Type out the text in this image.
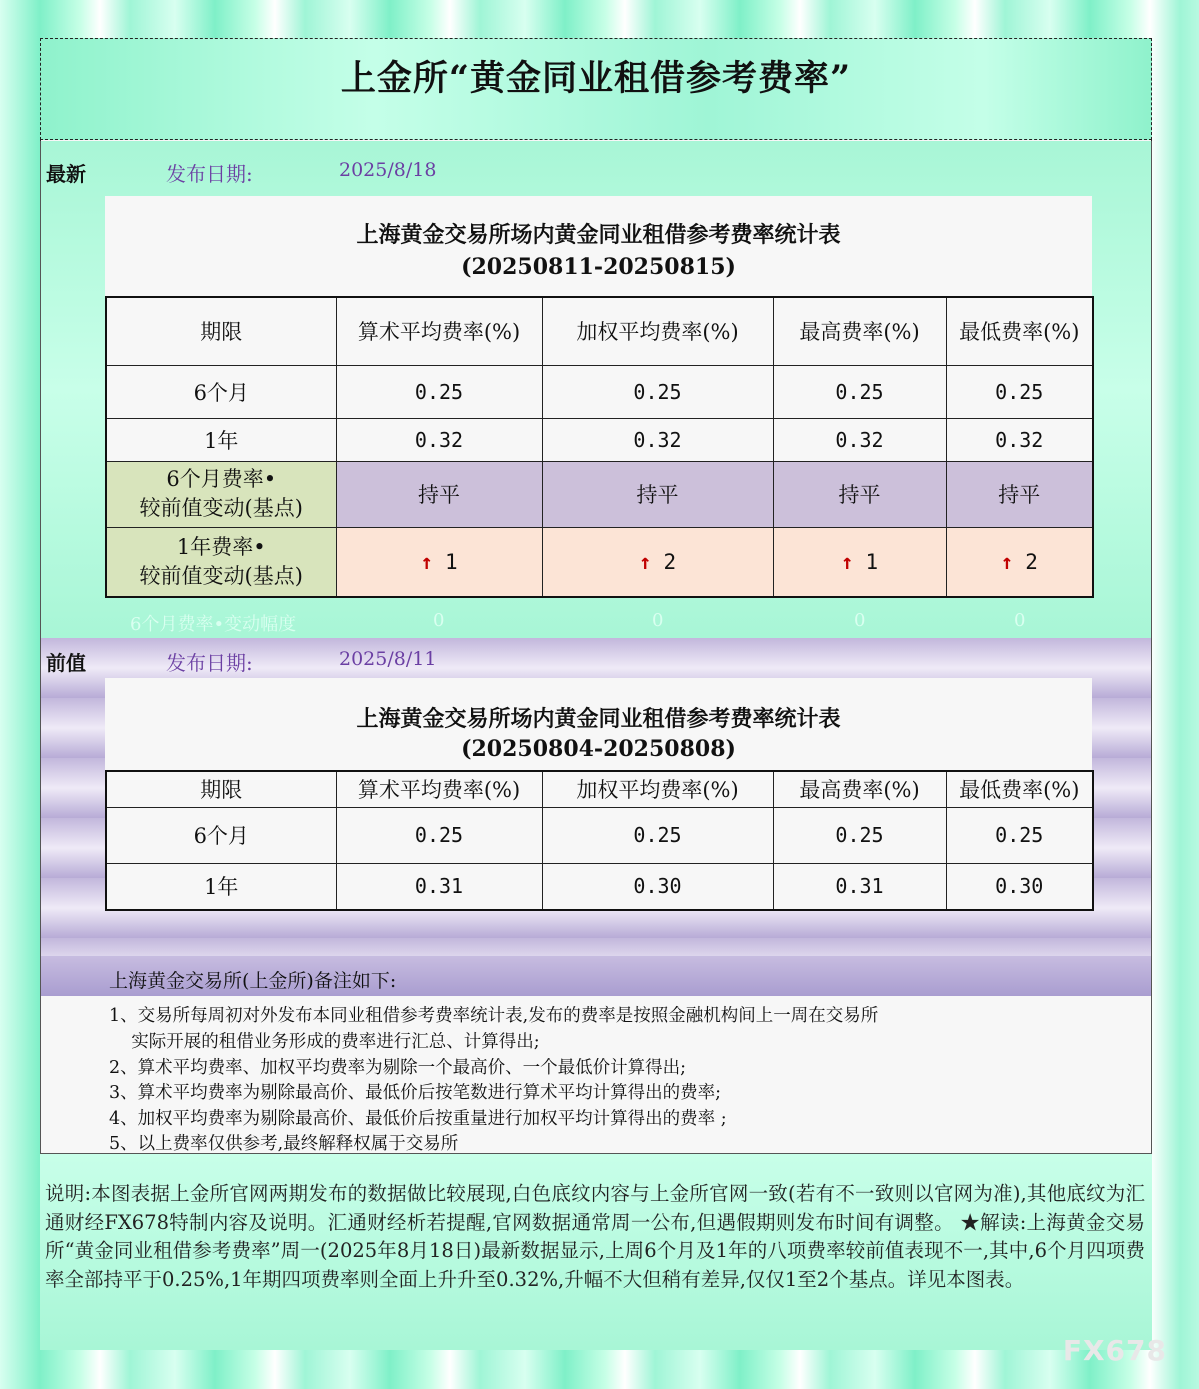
上金所“黄金同业租借参考费率”
最新	发布日期:	2025/8/18
上海黄金交易所场内黄金同业租借参考费率统计表
(20250811-20250815)
期限	算术平均费率(%)	加权平均费率(%)	最高费率(%)	最低费率(%)
6个月	0.25	0.25	0.25	0.25
1年	0.32	0.32	0.32	0.32

6个月费率•
较前值变动(基点)	持平	持平	持平	持平

1年费率•
较前值变动(基点)	↑ 1	↑ 2	↑ 1	↑ 2
6个月费率•变动幅度	0	0	0	0
前值	发布日期:	2025/8/11
上海黄金交易所场内黄金同业租借参考费率统计表
(20250804-20250808)
期限	算术平均费率(%)	加权平均费率(%)	最高费率(%)	最低费率(%)
6个月	0.25	0.25	0.25	0.25
1年	0.31	0.30	0.31	0.30
上海黄金交易所(上金所)备注如下:
1、交易所每周初对外发布本同业租借参考费率统计表,发布的费率是按照金融机构间上一周在交易所
实际开展的租借业务形成的费率进行汇总、计算得出;
2、算术平均费率、加权平均费率为剔除一个最高价、一个最低价计算得出;
3、算术平均费率为剔除最高价、最低价后按笔数进行算术平均计算得出的费率;
4、加权平均费率为剔除最高价、最低价后按重量进行加权平均计算得出的费率 ;
5、以上费率仅供参考,最终解释权属于交易所

说明:本图表据上金所官网两期发布的数据做比较展现,白色底纹内容与上金所官网一致(若有不一致则以官网为准),其他底纹为汇通财经FX678特制内容及说明。汇通财经析若提醒,官网数据通常周一公布,但遇假期则发布时间有调整。 ★解读:上海黄金交易所“黄金同业租借参考费率”周一(2025年8月18日)最新数据显示,上周6个月及1年的八项费率较前值表现不一,其中,6个月四项费率全部持平于0.25%,1年期四项费率则全面上升升至0.32%,升幅不大但稍有差异,仅仅1至2个基点。详见本图表。

FX678
